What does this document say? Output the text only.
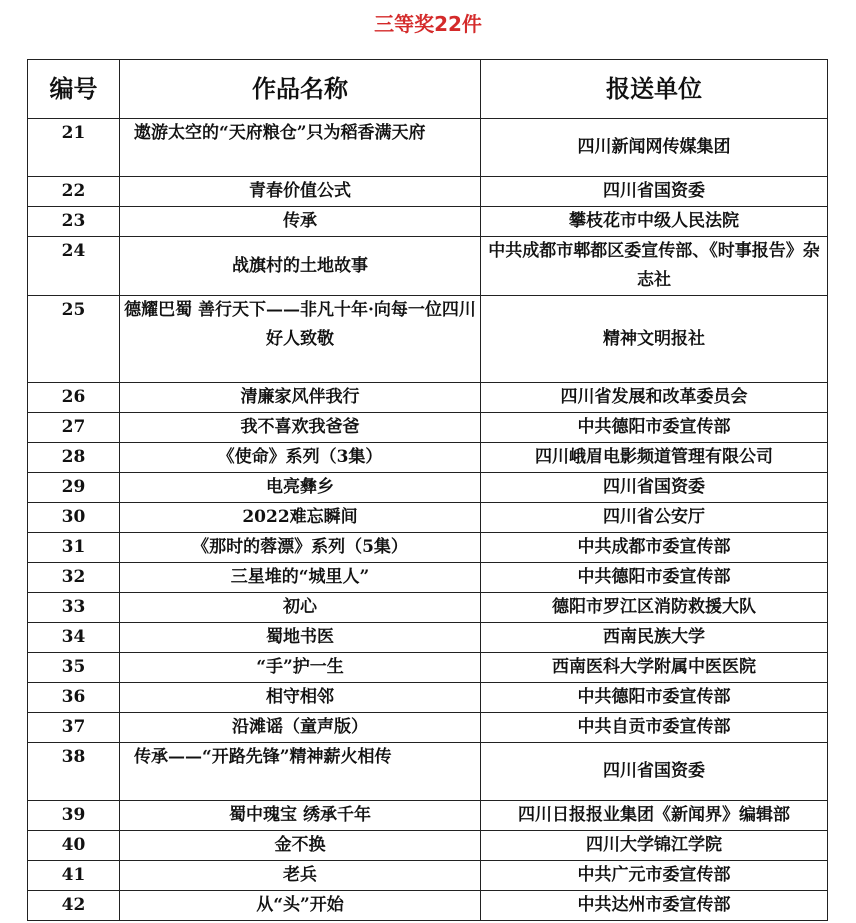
三等奖22件
编号	作品名称	报送单位
21	遨游太空的“天府粮仓”只为稻香满天府	四川新闻网传媒集团
22	青春价值公式	四川省国资委
23	传承	攀枝花市中级人民法院
24	战旗村的土地故事	中共成都市郫都区委宣传部、《时事报告》杂志社
25	德耀巴蜀 善行天下——非凡十年·向每一位四川好人致敬	精神文明报社
26	清廉家风伴我行	四川省发展和改革委员会
27	我不喜欢我爸爸	中共德阳市委宣传部
28	《使命》系列（3集）	四川峨眉电影频道管理有限公司
29	电亮彝乡	四川省国资委
30	2022难忘瞬间	四川省公安厅
31	《那时的蓉漂》系列（5集）	中共成都市委宣传部
32	三星堆的“城里人”	中共德阳市委宣传部
33	初心	德阳市罗江区消防救援大队
34	蜀地书医	西南民族大学
35	“手”护一生	西南医科大学附属中医医院
36	相守相邻	中共德阳市委宣传部
37	沿滩谣（童声版）	中共自贡市委宣传部
38	传承——“开路先锋”精神薪火相传	四川省国资委
39	蜀中瑰宝 绣承千年	四川日报报业集团《新闻界》编辑部
40	金不换	四川大学锦江学院
41	老兵	中共广元市委宣传部
42	从“头”开始	中共达州市委宣传部
